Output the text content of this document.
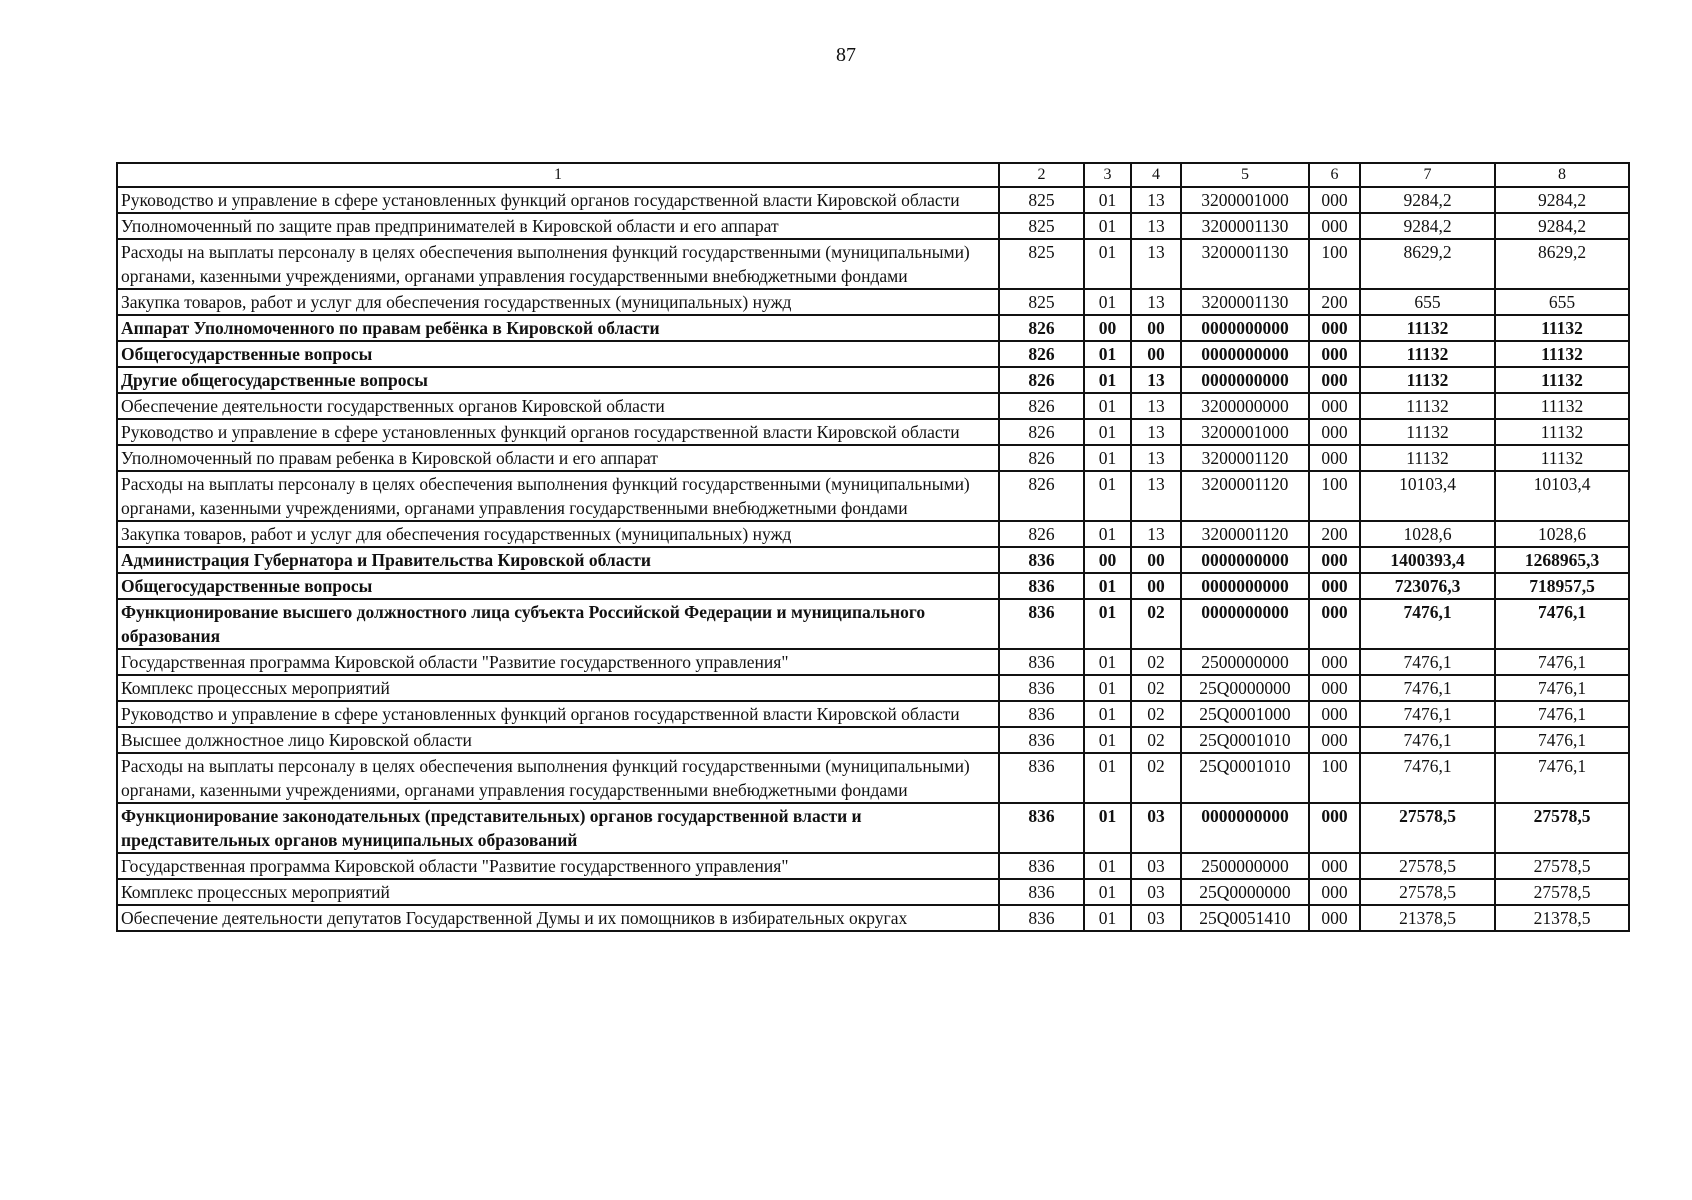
87
1	2	3	4	5	6	7	8
Руководство и управление в сфере установленных функций органов государственной власти Кировской области	825	01	13	3200001000	000	9284,2	9284,2
Уполномоченный по защите прав предпринимателей в Кировской области и его аппарат	825	01	13	3200001130	000	9284,2	9284,2
Расходы на выплаты персоналу в целях обеспечения выполнения функций государственными (муниципальными) органами, казенными учреждениями, органами управления государственными внебюджетными фондами	825	01	13	3200001130	100	8629,2	8629,2
Закупка товаров, работ и услуг для обеспечения государственных (муниципальных) нужд	825	01	13	3200001130	200	655	655
Аппарат Уполномоченного по правам ребёнка в Кировской области	826	00	00	0000000000	000	11132	11132
Общегосударственные вопросы	826	01	00	0000000000	000	11132	11132
Другие общегосударственные вопросы	826	01	13	0000000000	000	11132	11132
Обеспечение деятельности государственных органов Кировской области	826	01	13	3200000000	000	11132	11132
Руководство и управление в сфере установленных функций органов государственной власти Кировской области	826	01	13	3200001000	000	11132	11132
Уполномоченный по правам ребенка в Кировской области и его аппарат	826	01	13	3200001120	000	11132	11132
Расходы на выплаты персоналу в целях обеспечения выполнения функций государственными (муниципальными) органами, казенными учреждениями, органами управления государственными внебюджетными фондами	826	01	13	3200001120	100	10103,4	10103,4
Закупка товаров, работ и услуг для обеспечения государственных (муниципальных) нужд	826	01	13	3200001120	200	1028,6	1028,6
Администрация Губернатора и Правительства Кировской области	836	00	00	0000000000	000	1400393,4	1268965,3
Общегосударственные вопросы	836	01	00	0000000000	000	723076,3	718957,5
Функционирование высшего должностного лица субъекта Российской Федерации и муниципального образования	836	01	02	0000000000	000	7476,1	7476,1
Государственная программа Кировской области "Развитие государственного управления"	836	01	02	2500000000	000	7476,1	7476,1
Комплекс процессных мероприятий	836	01	02	25Q0000000	000	7476,1	7476,1
Руководство и управление в сфере установленных функций органов государственной власти Кировской области	836	01	02	25Q0001000	000	7476,1	7476,1
Высшее должностное лицо Кировской области	836	01	02	25Q0001010	000	7476,1	7476,1
Расходы на выплаты персоналу в целях обеспечения выполнения функций государственными (муниципальными) органами, казенными учреждениями, органами управления государственными внебюджетными фондами	836	01	02	25Q0001010	100	7476,1	7476,1
Функционирование законодательных (представительных) органов государственной власти и представительных органов муниципальных образований	836	01	03	0000000000	000	27578,5	27578,5
Государственная программа Кировской области "Развитие государственного управления"	836	01	03	2500000000	000	27578,5	27578,5
Комплекс процессных мероприятий	836	01	03	25Q0000000	000	27578,5	27578,5
Обеспечение деятельности депутатов Государственной Думы и их помощников в избирательных округах	836	01	03	25Q0051410	000	21378,5	21378,5
